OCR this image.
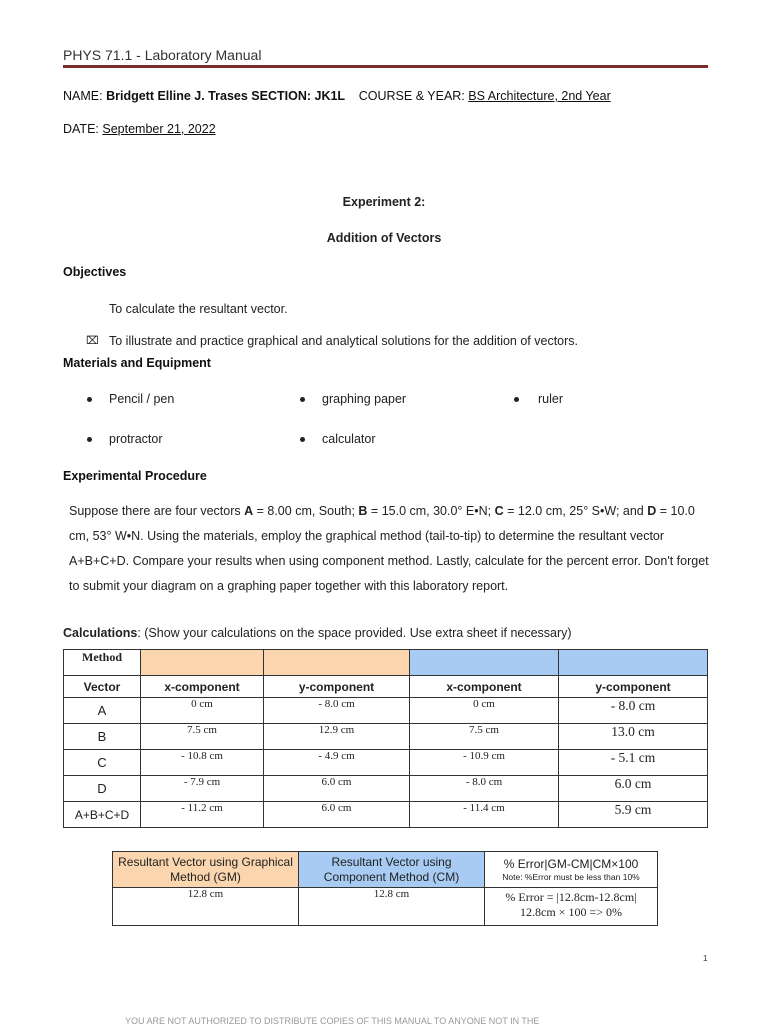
PHYS 71.1 - Laboratory Manual
NAME: Bridgett Elline J. Trases SECTION: JK1L COURSE & YEAR: BS Architecture, 2nd Year
DATE: September 21, 2022
Experiment 2:
Addition of Vectors
Objectives
To calculate the resultant vector.
⌧ To illustrate and practice graphical and analytical solutions for the addition of vectors.
Materials and Equipment
Pencil / pen	graphing paper	ruler
protractor	calculator
Experimental Procedure
Suppose there are four vectors A = 8.00 cm, South; B = 15.0 cm, 30.0° E•N; C = 12.0 cm, 25° S•W; and D = 10.0 cm, 53° W•N. Using the materials, employ the graphical method (tail-to-tip) to determine the resultant vector A+B+C+D. Compare your results when using component method. Lastly, calculate for the percent error. Don't forget to submit your diagram on a graphing paper together with this laboratory report.
Calculations: (Show your calculations on the space provided. Use extra sheet if necessary)
Method				
Vector	x-component	y-component	x-component	y-component
A	0 cm	- 8.0 cm	0 cm	- 8.0 cm
B	7.5 cm	12.9 cm	7.5 cm	13.0 cm
C	- 10.8 cm	- 4.9 cm	- 10.9 cm	- 5.1 cm
D	- 7.9 cm	6.0 cm	- 8.0 cm	6.0 cm
A+B+C+D	- 11.2 cm	6.0 cm	- 11.4 cm	5.9 cm
Resultant Vector using Graphical Method (GM)	Resultant Vector using Component Method (CM)	% Error|GM-CM|CM×100
Note: %Error must be less than 10%

12.8 cm	12.8 cm	% Error = |12.8cm-12.8cm|
12.8cm × 100 => 0%
1
YOU ARE NOT AUTHORIZED TO DISTRIBUTE COPIES OF THIS MANUAL TO ANYONE NOT IN THE
